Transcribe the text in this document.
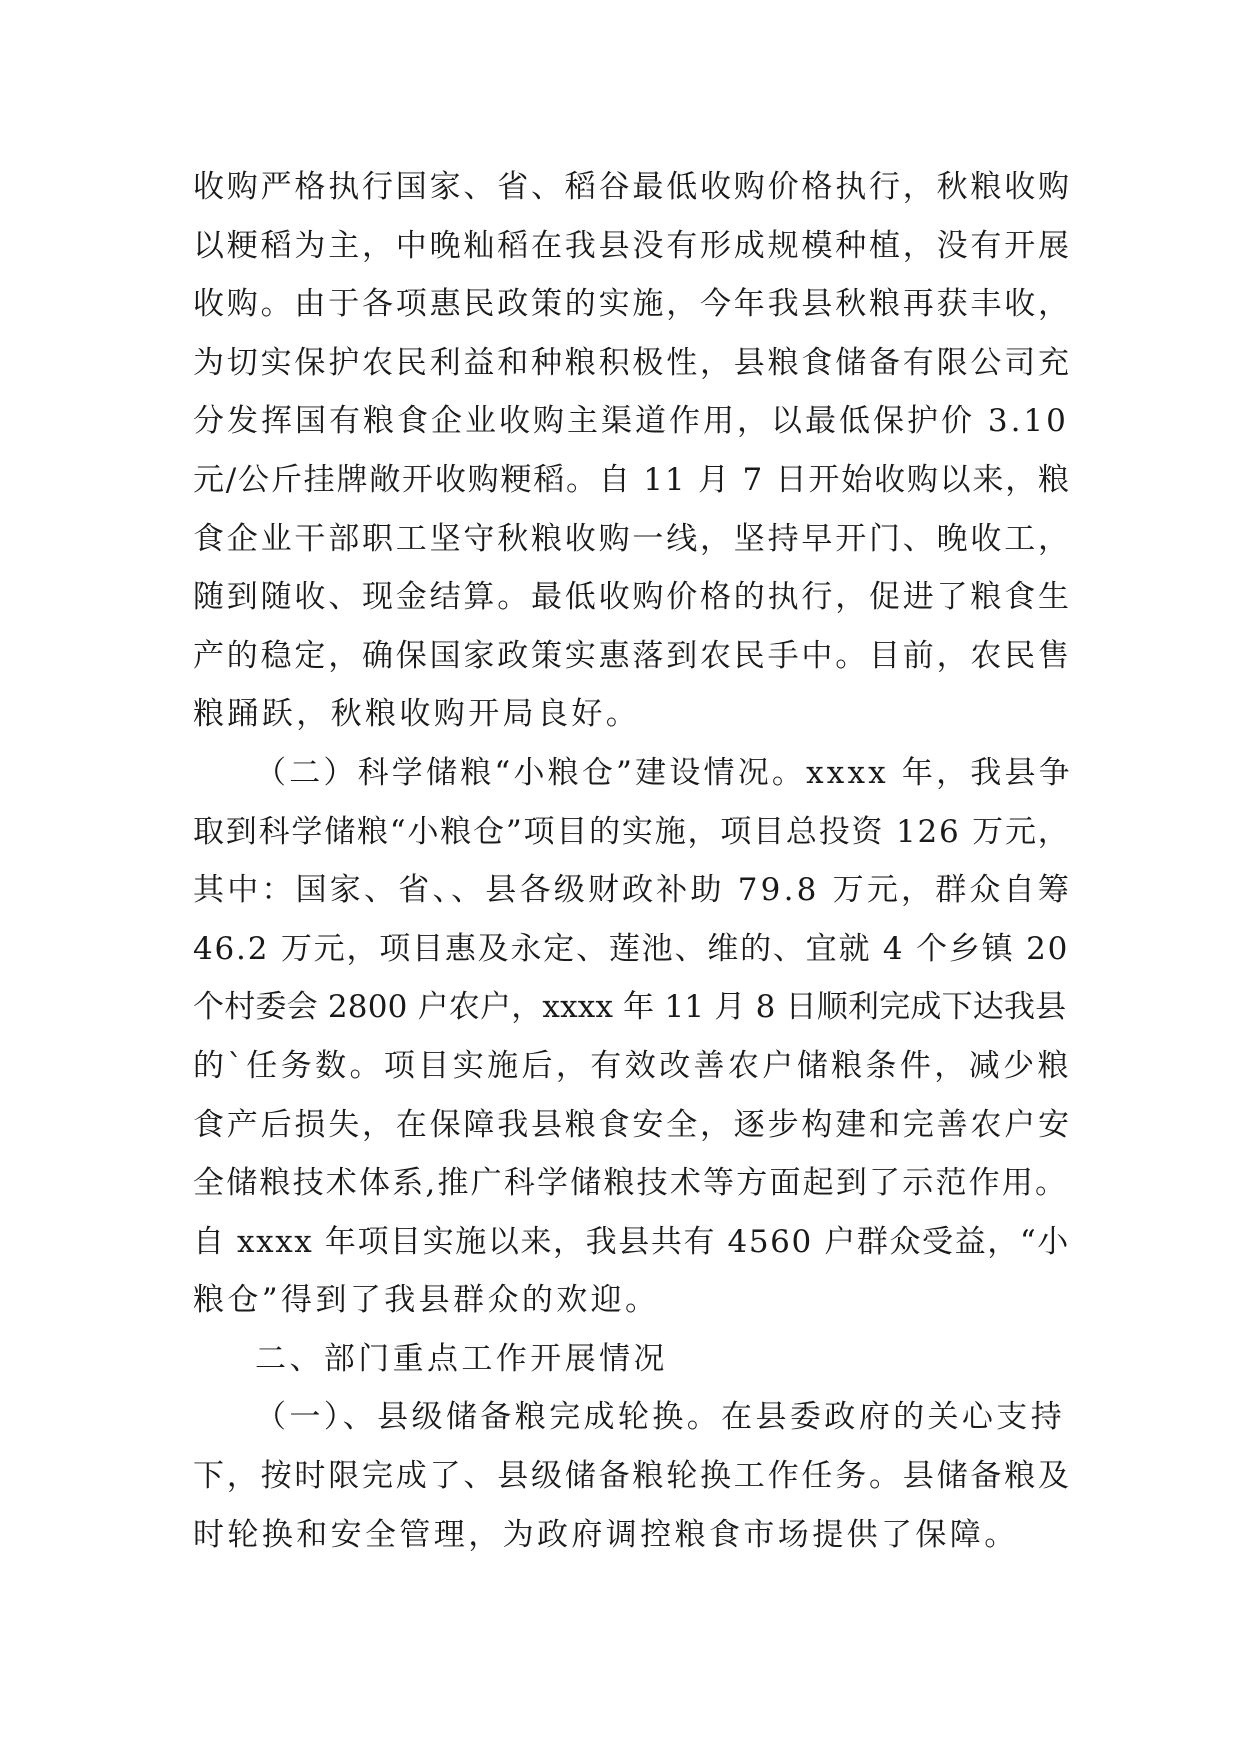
收购严格执行国家、省、稻谷最低收购价格执行，秋粮收购
以粳稻为主，中晚籼稻在我县没有形成规模种植，没有开展
收购。由于各项惠民政策的实施，今年我县秋粮再获丰收，
为切实保护农民利益和种粮积极性，县粮食储备有限公司充
分发挥国有粮食企业收购主渠道作用，以最低保护价 3.10
元/公斤挂牌敞开收购粳稻。自 11 月 7 日开始收购以来，粮
食企业干部职工坚守秋粮收购一线，坚持早开门、晚收工，
随到随收、现金结算。最低收购价格的执行，促进了粮食生
产的稳定，确保国家政策实惠落到农民手中。目前，农民售
粮踊跃，秋粮收购开局良好。
（二）科学储粮“小粮仓”建设情况。xxxx 年，我县争
取到科学储粮“小粮仓”项目的实施，项目总投资 126 万元，
其中：国家、省、、县各级财政补助 79.8 万元，群众自筹
46.2 万元，项目惠及永定、莲池、维的、宜就 4 个乡镇 20
个村委会 2800 户农户，xxxx 年 11 月 8 日顺利完成下达我县
的`任务数。项目实施后，有效改善农户储粮条件，减少粮
食产后损失，在保障我县粮食安全，逐步构建和完善农户安
全储粮技术体系,推广科学储粮技术等方面起到了示范作用。
自 xxxx 年项目实施以来，我县共有 4560 户群众受益，“小
粮仓”得到了我县群众的欢迎。
二、部门重点工作开展情况
（一）、县级储备粮完成轮换。在县委政府的关心支持
下，按时限完成了、县级储备粮轮换工作任务。县储备粮及
时轮换和安全管理，为政府调控粮食市场提供了保障。
